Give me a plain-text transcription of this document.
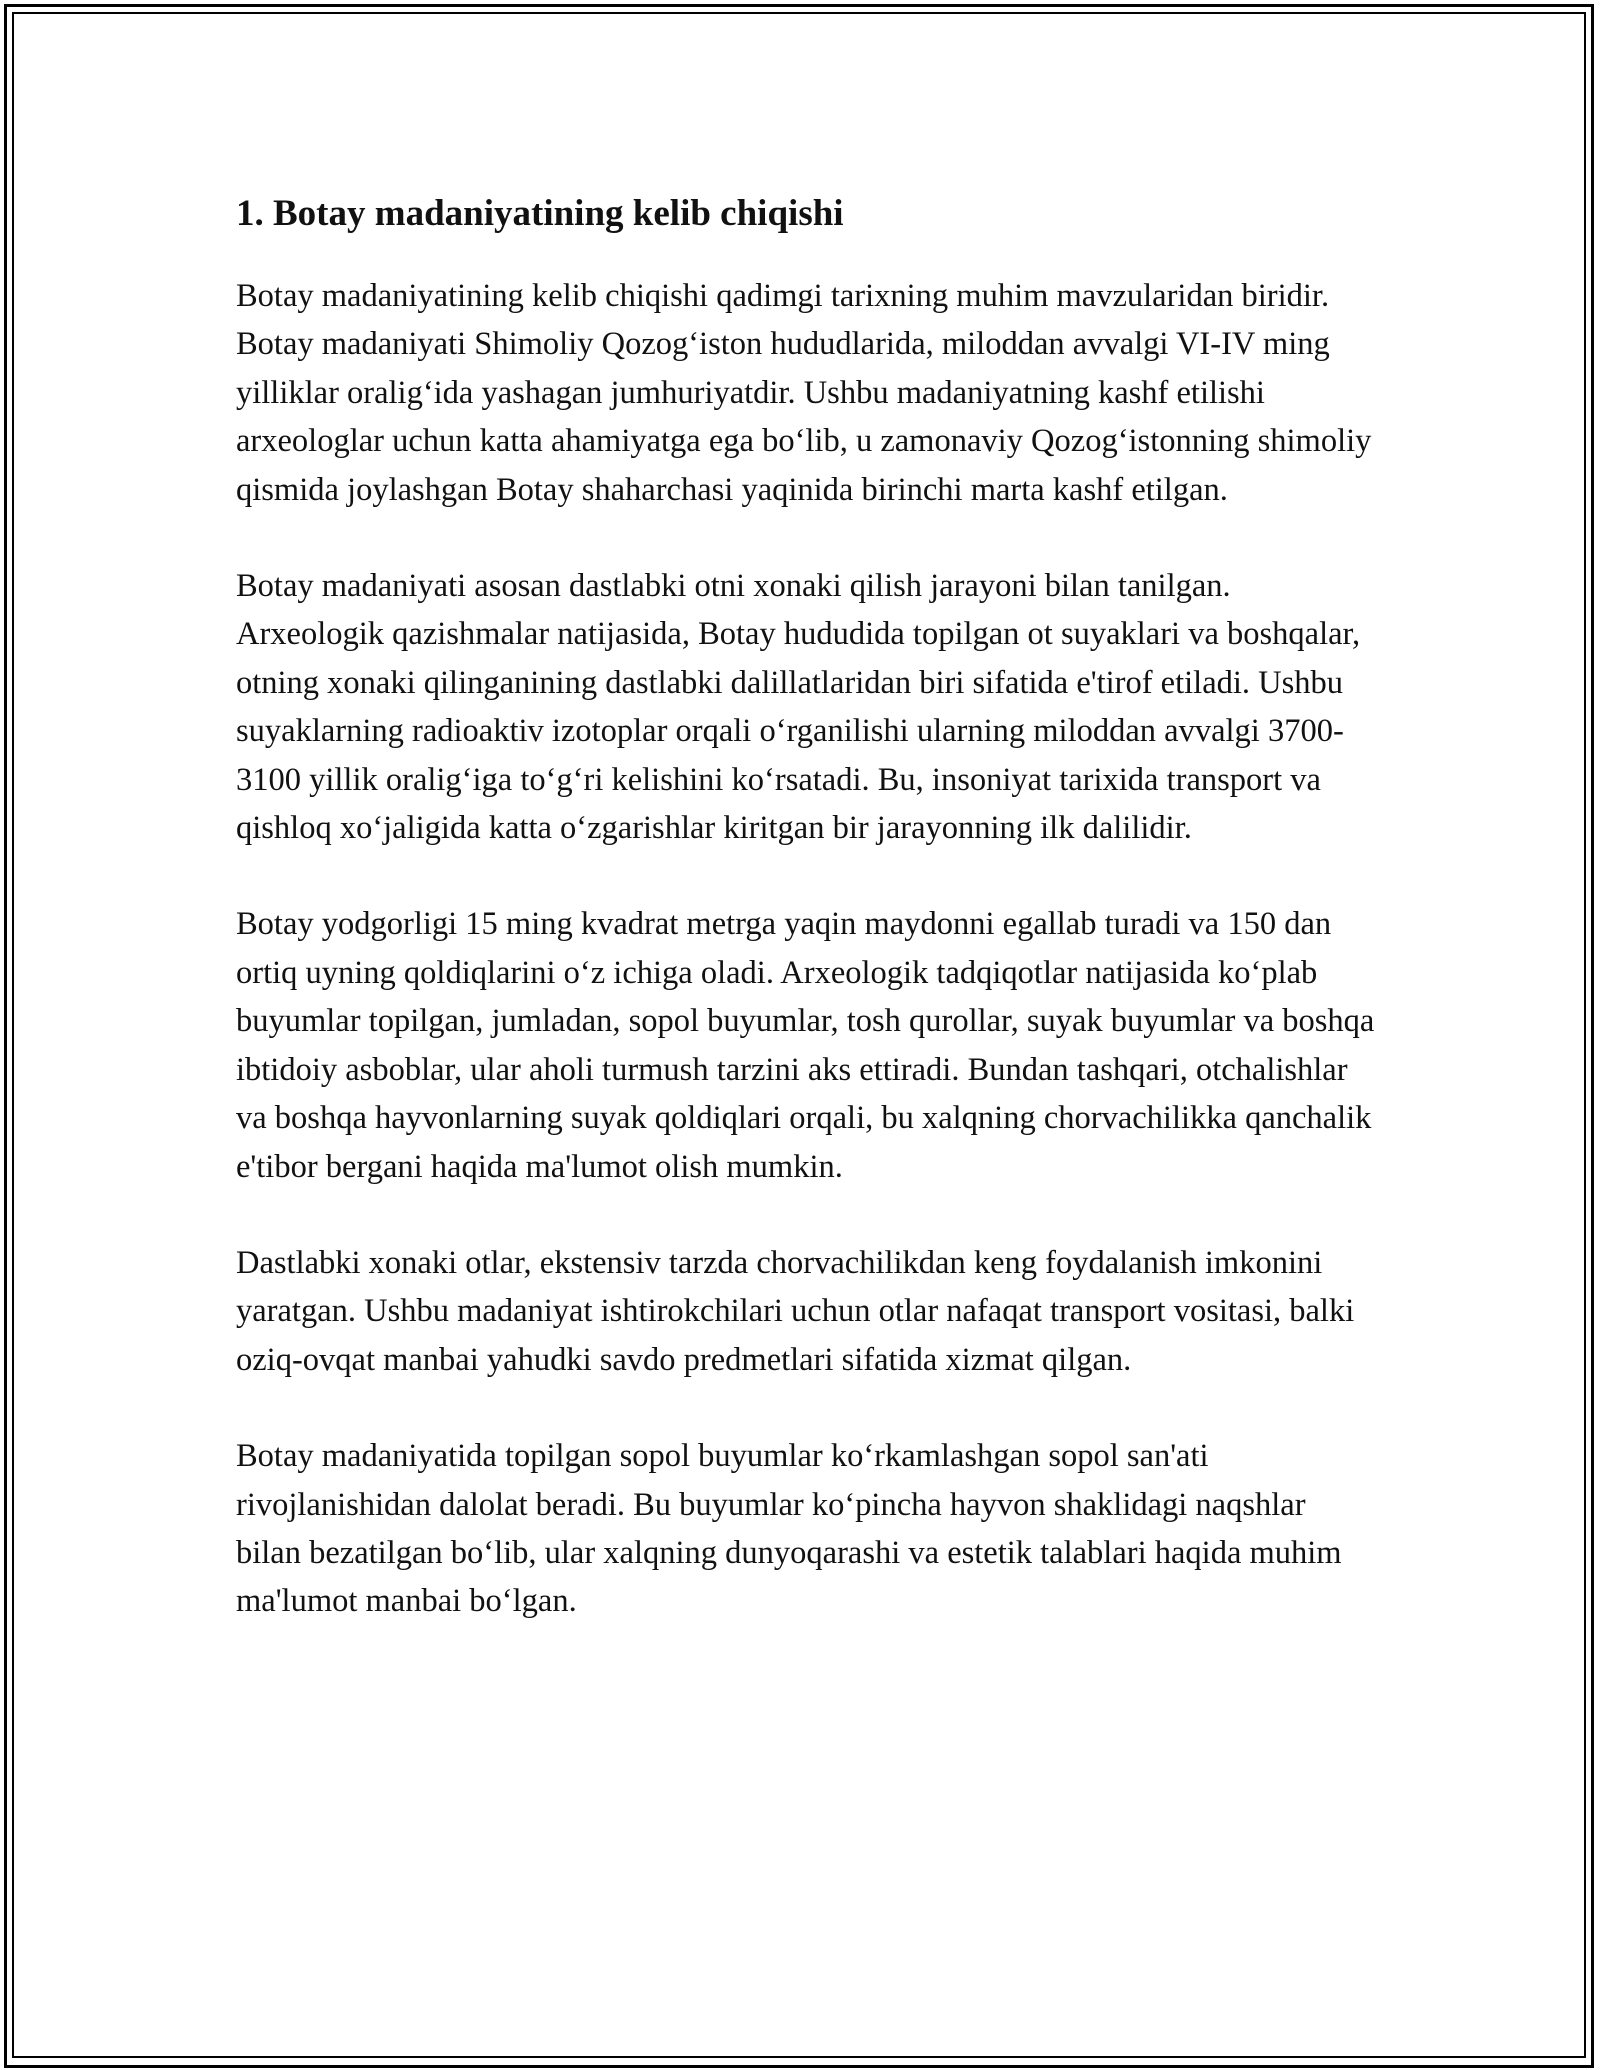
1. Botay madaniyatining kelib chiqishi

Botay madaniyatining kelib chiqishi qadimgi tarixning muhim mavzularidan biridir. Botay madaniyati Shimoliy Qozog‘iston hududlarida, miloddan avvalgi VI-IV ming yilliklar oralig‘ida yashagan jumhuriyatdir. Ushbu madaniyatning kashf etilishi arxeologlar uchun katta ahamiyatga ega bo‘lib, u zamonaviy Qozog‘istonning shimoliy qismida joylashgan Botay shaharchasi yaqinida birinchi marta kashf etilgan.

Botay madaniyati asosan dastlabki otni xonaki qilish jarayoni bilan tanilgan. Arxeologik qazishmalar natijasida, Botay hududida topilgan ot suyaklari va boshqalar, otning xonaki qilinganining dastlabki dalillatlaridan biri sifatida e'tirof etiladi. Ushbu suyaklarning radioaktiv izotoplar orqali o‘rganilishi ularning miloddan avvalgi 3700-3100 yillik oralig‘iga to‘g‘ri kelishini ko‘rsatadi. Bu, insoniyat tarixida transport va qishloq xo‘jaligida katta o‘zgarishlar kiritgan bir jarayonning ilk dalilidir.

Botay yodgorligi 15 ming kvadrat metrga yaqin maydonni egallab turadi va 150 dan ortiq uyning qoldiqlarini o‘z ichiga oladi. Arxeologik tadqiqotlar natijasida ko‘plab buyumlar topilgan, jumladan, sopol buyumlar, tosh qurollar, suyak buyumlar va boshqa ibtidoiy asboblar, ular aholi turmush tarzini aks ettiradi. Bundan tashqari, otchalishlar va boshqa hayvonlarning suyak qoldiqlari orqali, bu xalqning chorvachilikka qanchalik e'tibor bergani haqida ma'lumot olish mumkin.

Dastlabki xonaki otlar, ekstensiv tarzda chorvachilikdan keng foydalanish imkonini yaratgan. Ushbu madaniyat ishtirokchilari uchun otlar nafaqat transport vositasi, balki oziq-ovqat manbai yahudki savdo predmetlari sifatida xizmat qilgan.

Botay madaniyatida topilgan sopol buyumlar ko‘rkamlashgan sopol san'ati rivojlanishidan dalolat beradi. Bu buyumlar ko‘pincha hayvon shaklidagi naqshlar bilan bezatilgan bo‘lib, ular xalqning dunyoqarashi va estetik talablari haqida muhim ma'lumot manbai bo‘lgan.
